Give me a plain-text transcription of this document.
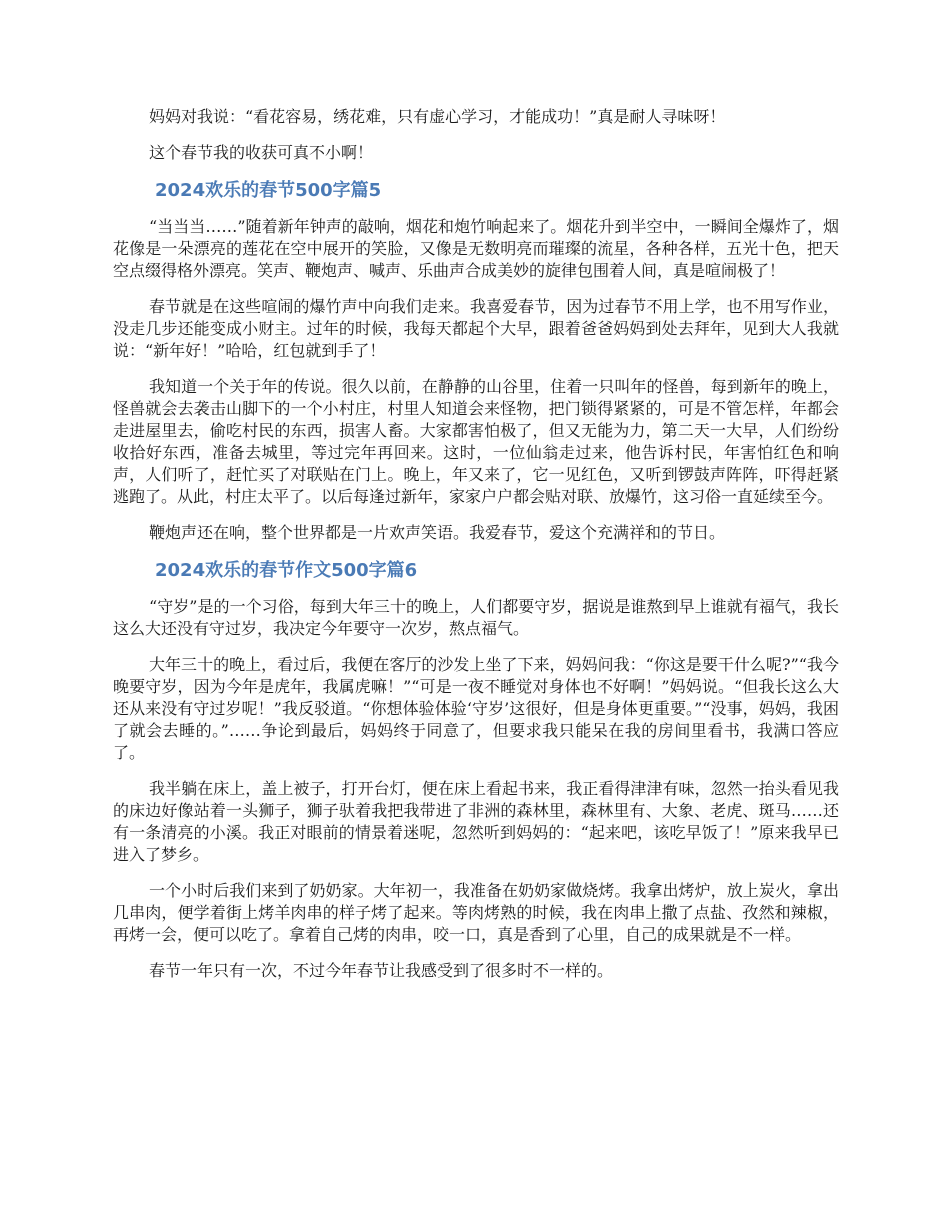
妈妈对我说：“看花容易，绣花难，只有虚心学习，才能成功！”真是耐人寻味呀！

这个春节我的收获可真不小啊！

2024欢乐的春节500字篇5

“当当当……”随着新年钟声的敲响，烟花和炮竹响起来了。烟花升到半空中，一瞬间全爆炸了，烟花像是一朵漂亮的莲花在空中展开的笑脸，又像是无数明亮而璀璨的流星，各种各样，五光十色，把天空点缀得格外漂亮。笑声、鞭炮声、喊声、乐曲声合成美妙的旋律包围着人间，真是喧闹极了！

春节就是在这些喧闹的爆竹声中向我们走来。我喜爱春节，因为过春节不用上学，也不用写作业，没走几步还能变成小财主。过年的时候，我每天都起个大早，跟着爸爸妈妈到处去拜年，见到大人我就说：“新年好！”哈哈，红包就到手了！

我知道一个关于年的传说。很久以前，在静静的山谷里，住着一只叫年的怪兽，每到新年的晚上，怪兽就会去袭击山脚下的一个小村庄，村里人知道会来怪物，把门锁得紧紧的，可是不管怎样，年都会走进屋里去，偷吃村民的东西，损害人畜。大家都害怕极了，但又无能为力，第二天一大早，人们纷纷收拾好东西，准备去城里，等过完年再回来。这时，一位仙翁走过来，他告诉村民，年害怕红色和响声，人们听了，赶忙买了对联贴在门上。晚上，年又来了，它一见红色，又听到锣鼓声阵阵，吓得赶紧逃跑了。从此，村庄太平了。以后每逢过新年，家家户户都会贴对联、放爆竹，这习俗一直延续至今。

鞭炮声还在响，整个世界都是一片欢声笑语。我爱春节，爱这个充满祥和的节日。

2024欢乐的春节作文500字篇6

“守岁”是的一个习俗，每到大年三十的晚上，人们都要守岁，据说是谁熬到早上谁就有福气，我长这么大还没有守过岁，我决定今年要守一次岁，熬点福气。

大年三十的晚上，看过后，我便在客厅的沙发上坐了下来，妈妈问我：“你这是要干什么呢?”“我今晚要守岁，因为今年是虎年，我属虎嘛！”“可是一夜不睡觉对身体也不好啊！”妈妈说。“但我长这么大还从来没有守过岁呢！”我反驳道。“你想体验体验‘守岁’这很好，但是身体更重要。”“没事，妈妈，我困了就会去睡的。”……争论到最后，妈妈终于同意了，但要求我只能呆在我的房间里看书，我满口答应了。

我半躺在床上，盖上被子，打开台灯，便在床上看起书来，我正看得津津有味，忽然一抬头看见我的床边好像站着一头狮子，狮子驮着我把我带进了非洲的森林里，森林里有、大象、老虎、斑马……还有一条清亮的小溪。我正对眼前的情景着迷呢，忽然听到妈妈的：“起来吧，该吃早饭了！”原来我早已进入了梦乡。

一个小时后我们来到了奶奶家。大年初一，我准备在奶奶家做烧烤。我拿出烤炉，放上炭火，拿出几串肉，便学着街上烤羊肉串的样子烤了起来。等肉烤熟的时候，我在肉串上撒了点盐、孜然和辣椒，再烤一会，便可以吃了。拿着自己烤的肉串，咬一口，真是香到了心里，自己的成果就是不一样。

春节一年只有一次，不过今年春节让我感受到了很多时不一样的。
